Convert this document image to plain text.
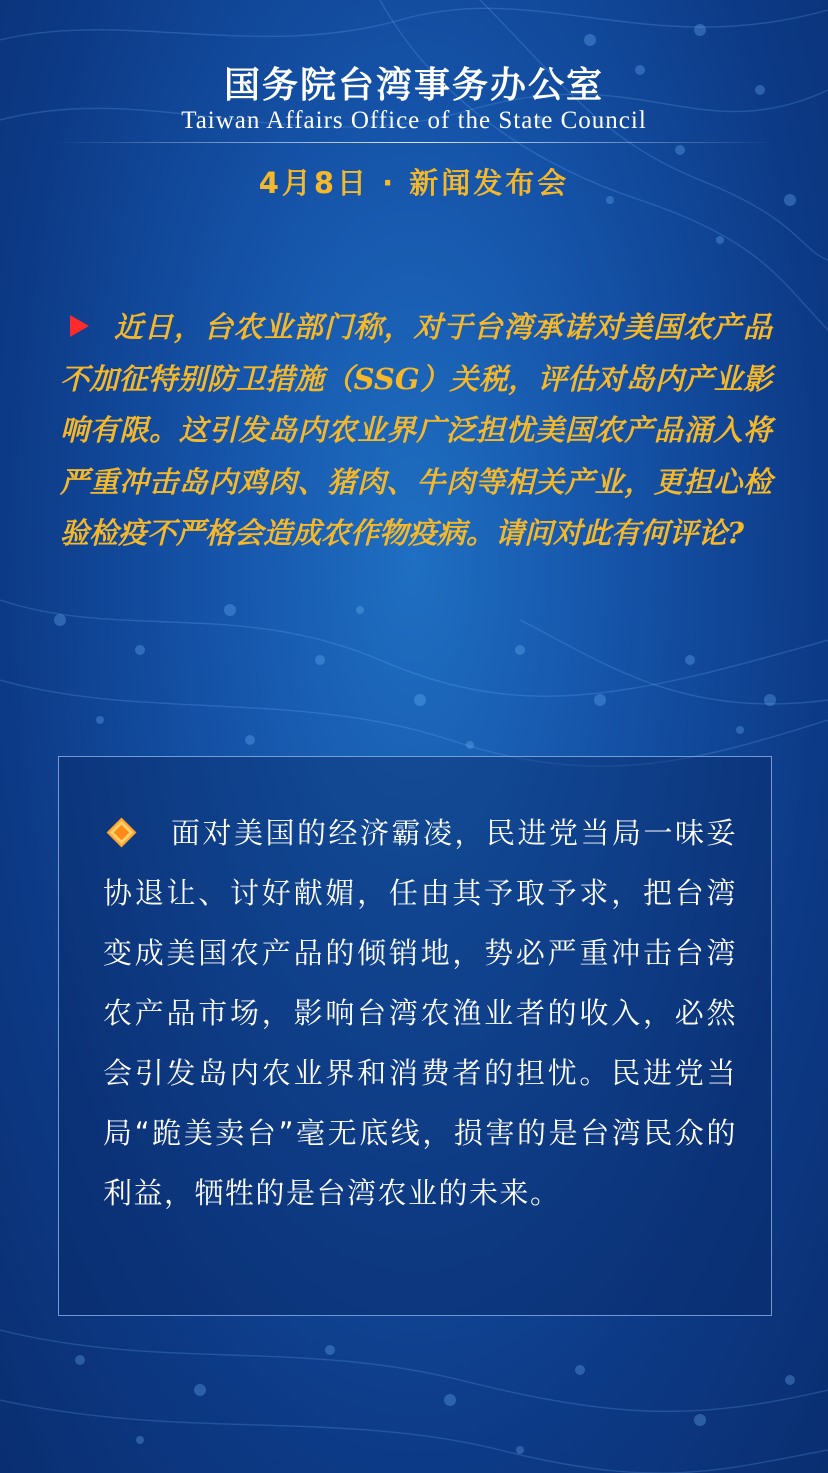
国务院台湾事务办公室
Taiwan Affairs Office of the State Council
4月8日 · 新闻发布会
近日，台农业部门称，对于台湾承诺对美国农产品不加征特别防卫措施（SSG）关税，评估对岛内产业影响有限。这引发岛内农业界广泛担忧美国农产品涌入将严重冲击岛内鸡肉、猪肉、牛肉等相关产业，更担心检验检疫不严格会造成农作物疫病。请问对此有何评论?
面对美国的经济霸凌，民进党当局一味妥协退让、讨好献媚，任由其予取予求，把台湾变成美国农产品的倾销地，势必严重冲击台湾农产品市场，影响台湾农渔业者的收入，必然会引发岛内农业界和消费者的担忧。民进党当局“跪美卖台”毫无底线，损害的是台湾民众的利益，牺牲的是台湾农业的未来。
